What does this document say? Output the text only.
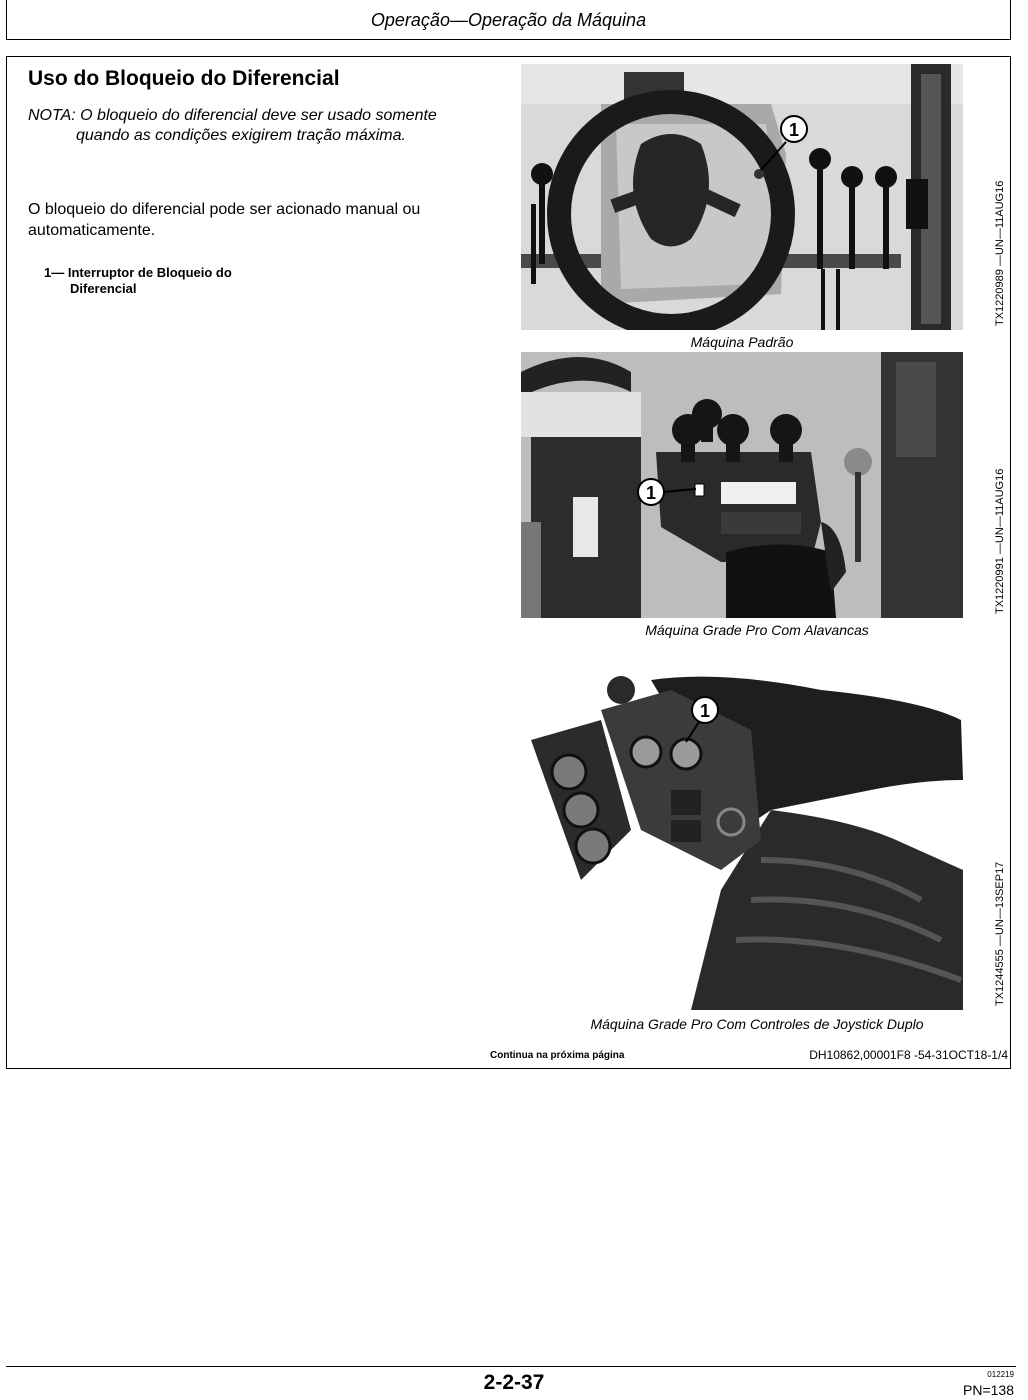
Operação—Operação da Máquina
Uso do Bloqueio do Diferencial
NOTA: O bloqueio do diferencial deve ser usado somente
quando as condições exigirem tração máxima.
O bloqueio do diferencial pode ser acionado manual ou automaticamente.
1— Interruptor de Bloqueio do
Diferencial
1
Máquina Padrão
TX1220989 —UN—11AUG16
1
Máquina Grade Pro Com Alavancas
TX1220991 —UN—11AUG16
1
Máquina Grade Pro Com Controles de Joystick Duplo
TX1244555 —UN—13SEP17
Continua na próxima página	DH10862,00001F8 -54-31OCT18-1/4
2-2-37	012219
PN=138
